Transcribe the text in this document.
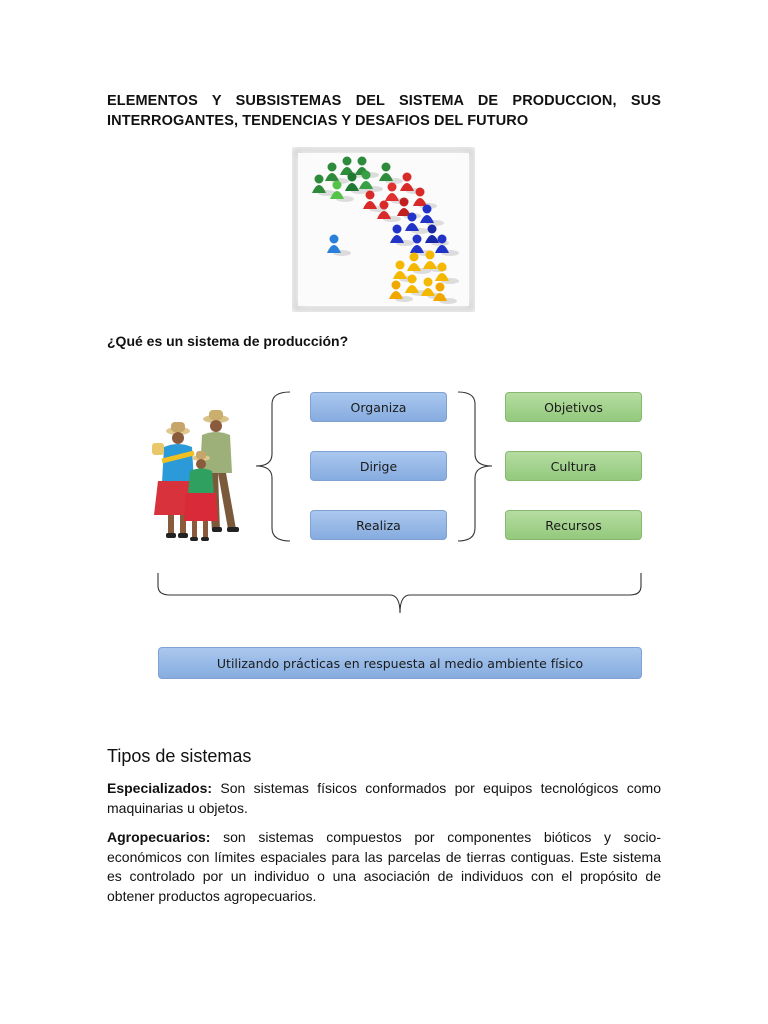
ELEMENTOS Y SUBSISTEMAS DEL SISTEMA DE PRODUCCION, SUS INTERROGANTES, TENDENCIAS Y DESAFIOS DEL FUTURO
¿Qué es un sistema de producción?
Organiza
Dirige
Realiza
Objetivos
Cultura
Recursos
Utilizando prácticas en respuesta al medio ambiente físico
Tipos de sistemas
Especializados: Son sistemas físicos conformados por equipos tecnológicos como maquinarias u objetos.
Agropecuarios: son sistemas compuestos por componentes bióticos y socio-económicos con límites espaciales para las parcelas de tierras contiguas. Este sistema es controlado por un individuo o una asociación de individuos con el propósito de obtener productos agropecuarios.
